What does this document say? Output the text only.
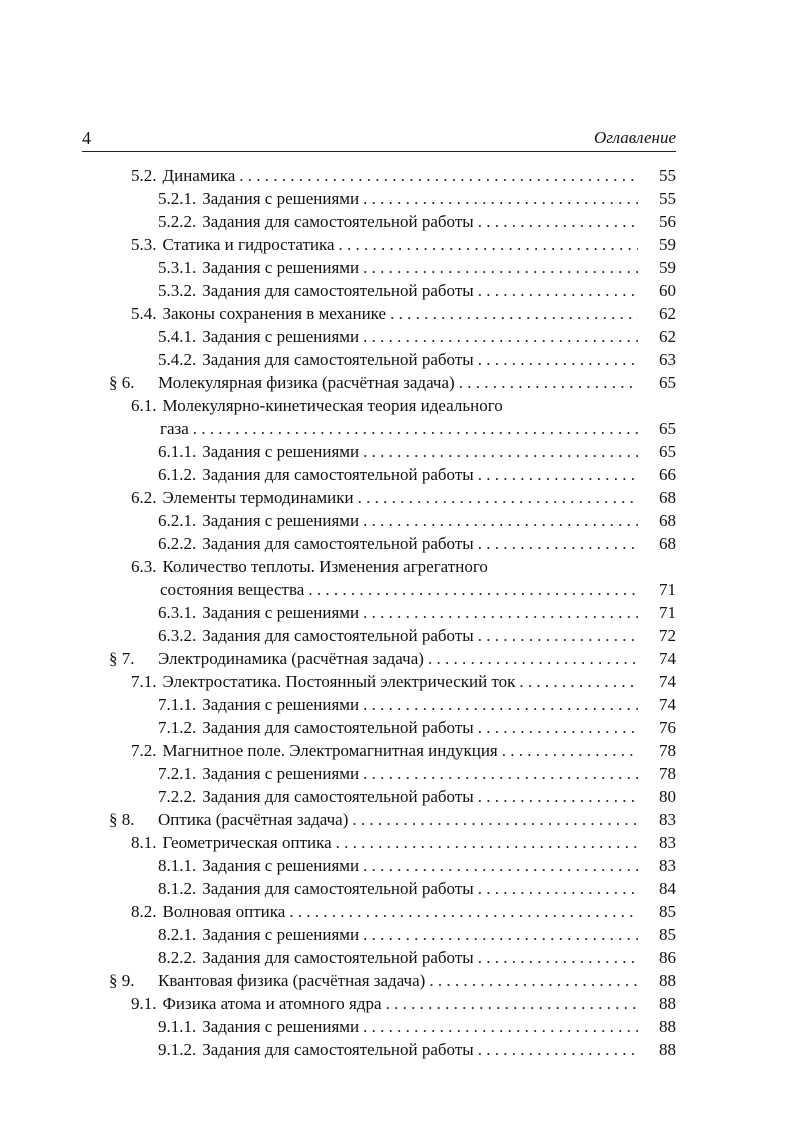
4	Оглавление
5.2. Динамика . . .	55
5.2.1. Задания с решениями . . .	55
5.2.2. Задания для самостоятельной работы . . .	56
5.3. Статика и гидростатика . . .	59
5.3.1. Задания с решениями . . .	59
5.3.2. Задания для самостоятельной работы . . .	60
5.4. Законы сохранения в механике . . .	62
5.4.1. Задания с решениями . . .	62
5.4.2. Задания для самостоятельной работы . . .	63
§ 6.	Молекулярная физика (расчётная задача) . . .	65
6.1. Молекулярно-кинетическая теория идеального
газа . . .	65
6.1.1. Задания с решениями . . .	65
6.1.2. Задания для самостоятельной работы . . .	66
6.2. Элементы термодинамики . . .	68
6.2.1. Задания с решениями . . .	68
6.2.2. Задания для самостоятельной работы . . .	68
6.3. Количество теплоты. Изменения агрегатного
состояния вещества . . .	71
6.3.1. Задания с решениями . . .	71
6.3.2. Задания для самостоятельной работы . . .	72
§ 7.	Электродинамика (расчётная задача) . . .	74
7.1. Электростатика. Постоянный электрический ток . . .	74
7.1.1. Задания с решениями . . .	74
7.1.2. Задания для самостоятельной работы . . .	76
7.2. Магнитное поле. Электромагнитная индукция . . .	78
7.2.1. Задания с решениями . . .	78
7.2.2. Задания для самостоятельной работы . . .	80
§ 8.	Оптика (расчётная задача) . . .	83
8.1. Геометрическая оптика . . .	83
8.1.1. Задания с решениями . . .	83
8.1.2. Задания для самостоятельной работы . . .	84
8.2. Волновая оптика . . .	85
8.2.1. Задания с решениями . . .	85
8.2.2. Задания для самостоятельной работы . . .	86
§ 9.	Квантовая физика (расчётная задача) . . .	88
9.1. Физика атома и атомного ядра . . .	88
9.1.1. Задания с решениями . . .	88
9.1.2. Задания для самостоятельной работы . . .	88
